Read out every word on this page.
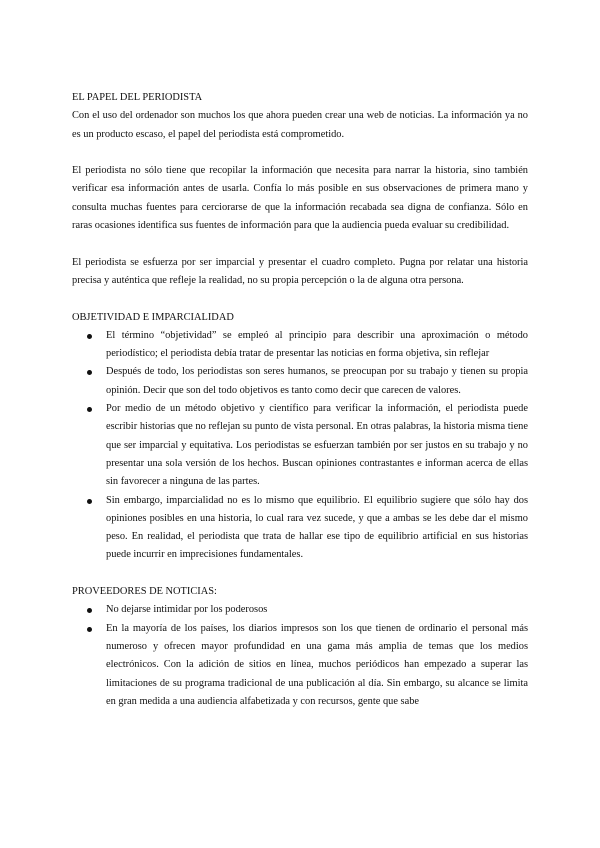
EL PAPEL DEL PERIODISTA

Con el uso del ordenador son muchos los que ahora pueden crear una web de noticias. La información ya no es un producto escaso, el papel del periodista está comprometido.

El periodista no sólo tiene que recopilar la información que necesita para narrar la historia, sino también verificar esa información antes de usarla. Confía lo más posible en sus observaciones de primera mano y consulta muchas fuentes para cerciorarse de que la información recabada sea digna de confianza. Sólo en raras ocasiones identifica sus fuentes de información para que la audiencia pueda evaluar su credibilidad.

El periodista se esfuerza por ser imparcial y presentar el cuadro completo. Pugna por relatar una historia precisa y auténtica que refleje la realidad, no su propia percepción o la de alguna otra persona.

OBJETIVIDAD E IMPARCIALIDAD
El término “objetividad” se empleó al principio para describir una aproximación o método periodístico; el periodista debía tratar de presentar las noticias en forma objetiva, sin reflejar
Después de todo, los periodistas son seres humanos, se preocupan por su trabajo y tienen su propia opinión. Decir que son del todo objetivos es tanto como decir que carecen de valores.
Por medio de un método objetivo y científico para verificar la información, el periodista puede escribir historias que no reflejan su punto de vista personal. En otras palabras, la historia misma tiene que ser imparcial y equitativa. Los periodistas se esfuerzan también por ser justos en su trabajo y no presentar una sola versión de los hechos. Buscan opiniones contrastantes e informan acerca de ellas sin favorecer a ninguna de las partes.
Sin embargo, imparcialidad no es lo mismo que equilibrio. El equilibrio sugiere que sólo hay dos opiniones posibles en una historia, lo cual rara vez sucede, y que a ambas se les debe dar el mismo peso. En realidad, el periodista que trata de hallar ese tipo de equilibrio artificial en sus historias puede incurrir en imprecisiones fundamentales.
PROVEEDORES DE NOTICIAS:
No dejarse intimidar por los poderosos
En la mayoría de los países, los diarios impresos son los que tienen de ordinario el personal más numeroso y ofrecen mayor profundidad en una gama más amplia de temas que los medios electrónicos. Con la adición de sitios en línea, muchos periódicos han empezado a superar las limitaciones de su programa tradicional de una publicación al día. Sin embargo, su alcance se limita en gran medida a una audiencia alfabetizada y con recursos, gente que sabe
